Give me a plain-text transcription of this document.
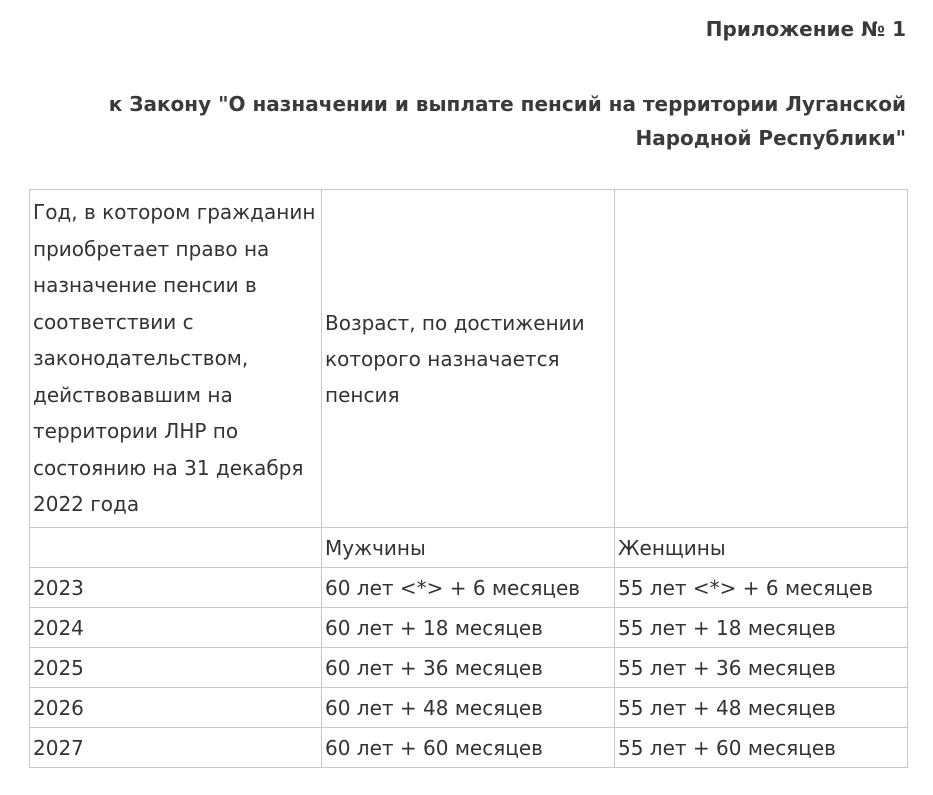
Приложение № 1

к Закону "О назначении и выплате пенсий на территории Луганской Народной Республики"

Год, в котором гражданин приобретает право на назначение пенсии в соответствии с законодательством, действовавшим на территории ЛНР по состоянию на 31 декабря 2022 года	Возраст, по достижении которого назначается пенсия	
	Мужчины	Женщины
2023	60 лет <*> + 6 месяцев	55 лет <*> + 6 месяцев
2024	60 лет + 18 месяцев	55 лет + 18 месяцев
2025	60 лет + 36 месяцев	55 лет + 36 месяцев
2026	60 лет + 48 месяцев	55 лет + 48 месяцев
2027	60 лет + 60 месяцев	55 лет + 60 месяцев
